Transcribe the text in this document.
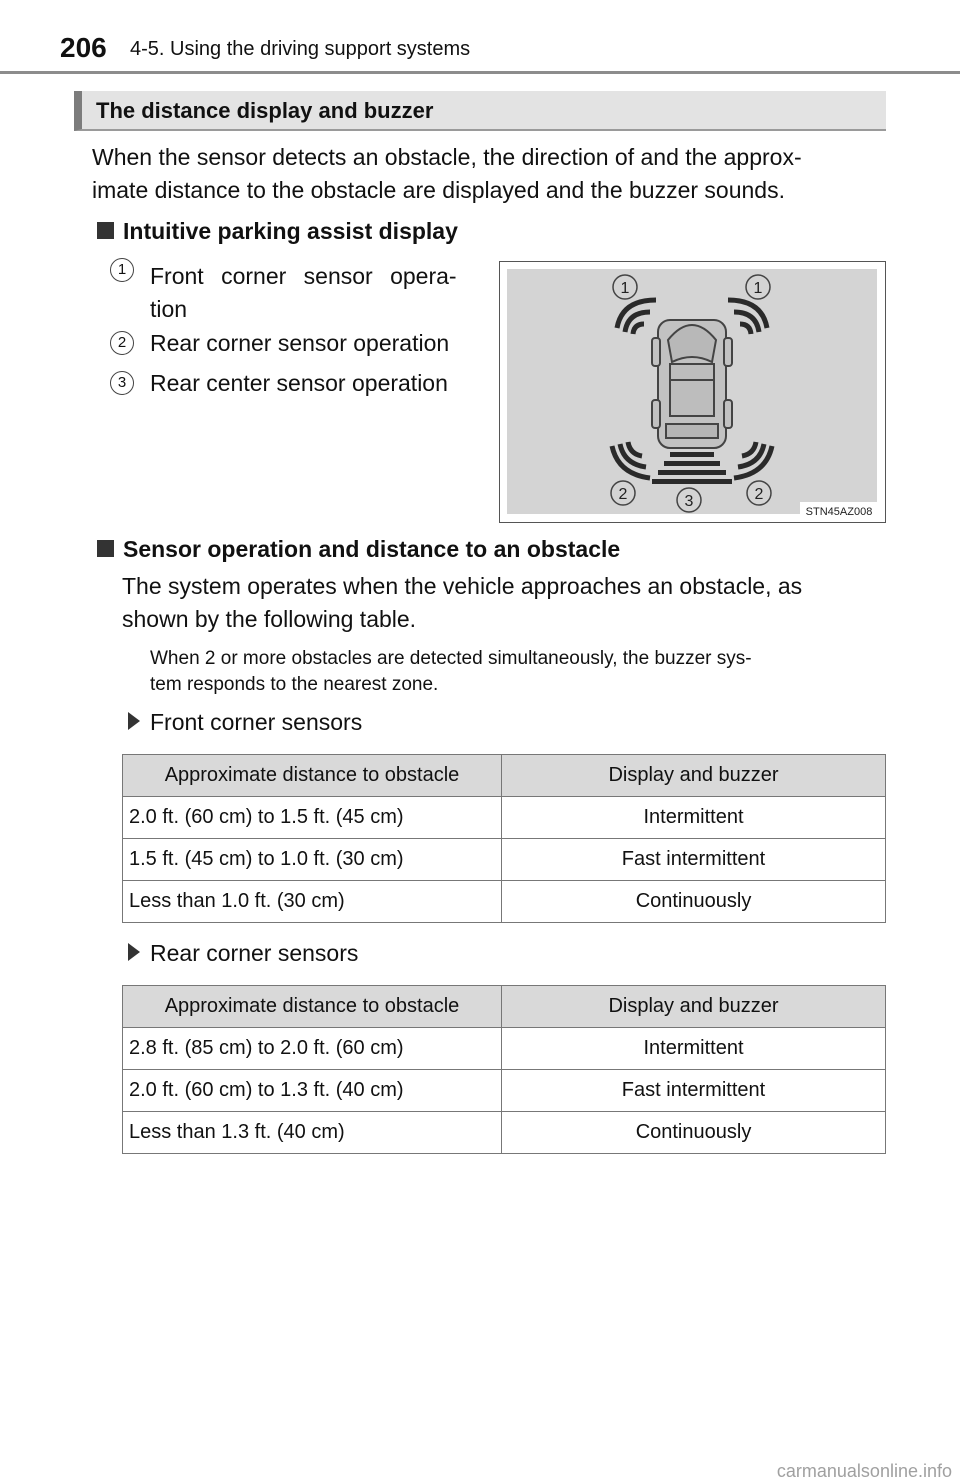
206 4-5. Using the driving support systems
The distance display and buzzer
When the sensor detects an obstacle, the direction of and the approx-
imate distance to the obstacle are displayed and the buzzer sounds.
Intuitive parking assist display
1	Front corner sensor opera-
tion
2	Rear corner sensor operation
3	Rear center sensor operation
1	1
2	3	2
STN45AZ008
Sensor operation and distance to an obstacle
The system operates when the vehicle approaches an obstacle, as
shown by the following table.
When 2 or more obstacles are detected simultaneously, the buzzer sys-
tem responds to the nearest zone.
Front corner sensors
Approximate distance to obstacle	Display and buzzer
2.0 ft. (60 cm) to 1.5 ft. (45 cm)	Intermittent
1.5 ft. (45 cm) to 1.0 ft. (30 cm)	Fast intermittent
Less than 1.0 ft. (30 cm)	Continuously
Rear corner sensors
Approximate distance to obstacle	Display and buzzer
2.8 ft. (85 cm) to 2.0 ft. (60 cm)	Intermittent
2.0 ft. (60 cm) to 1.3 ft. (40 cm)	Fast intermittent
Less than 1.3 ft. (40 cm)	Continuously
carmanualsonline.info
